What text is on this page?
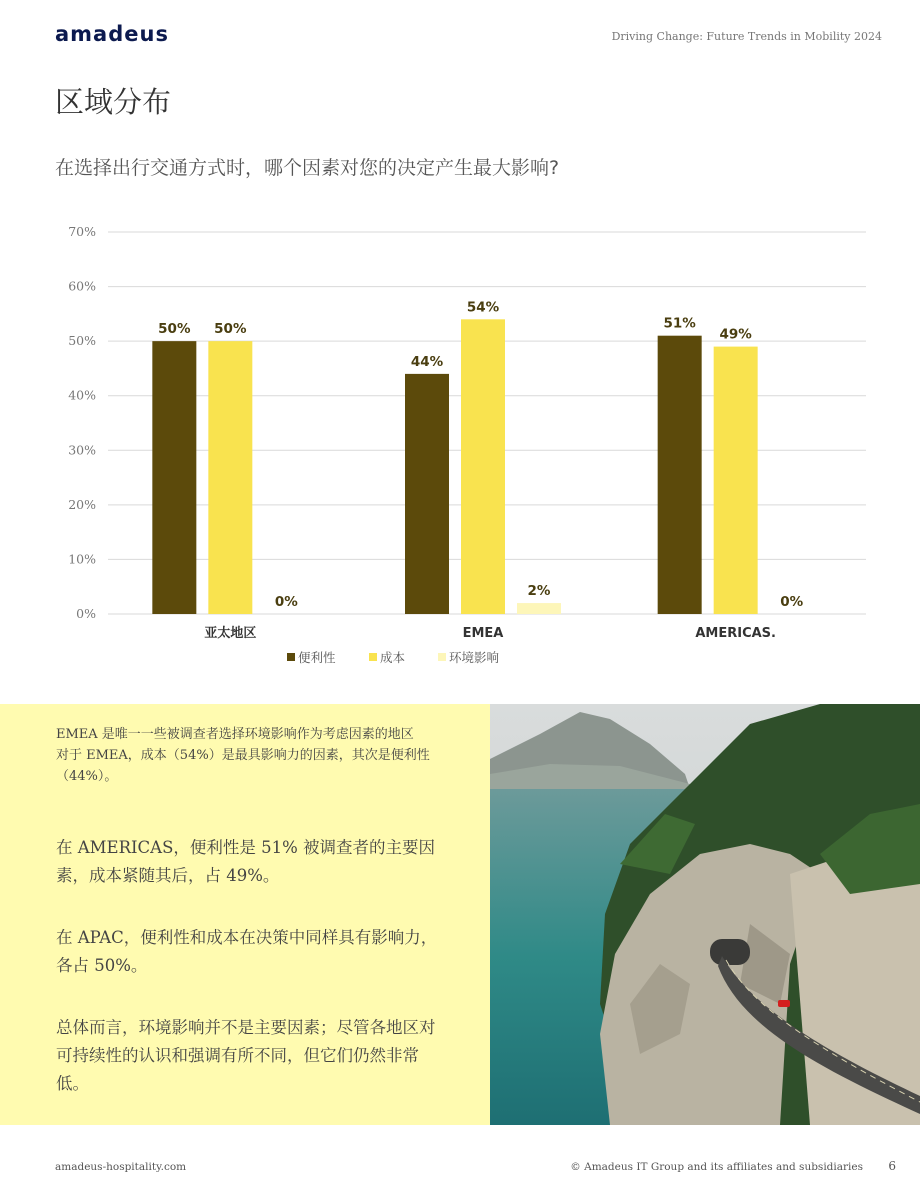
amadeus	Driving Change: Future Trends in Mobility 2024
区域分布
在选择出行交通方式时，哪个因素对您的决定产生最大影响?
0%
10%
20%
30%
40%
50%
60%
70%
50% 50%
0%
亚太地区
44%
54%
2%
EMEA
51%
49%
0%
AMERICAS.
便利性	成本	环境影响
EMEA 是唯一一些被调查者选择环境影响作为考虑因素的地区
对于 EMEA，成本（54%）是最具影响力的因素，其次是便利性（44%）。
在 AMERICAS，便利性是 51% 被调查者的主要因素，成本紧随其后，占 49%。
在 APAC，便利性和成本在决策中同样具有影响力，各占 50%。
总体而言，环境影响并不是主要因素；尽管各地区对可持续性的认识和强调有所不同，但它们仍然非常低。
amadeus-hospitality.com	© Amadeus IT Group and its affiliates and subsidiaries 6
